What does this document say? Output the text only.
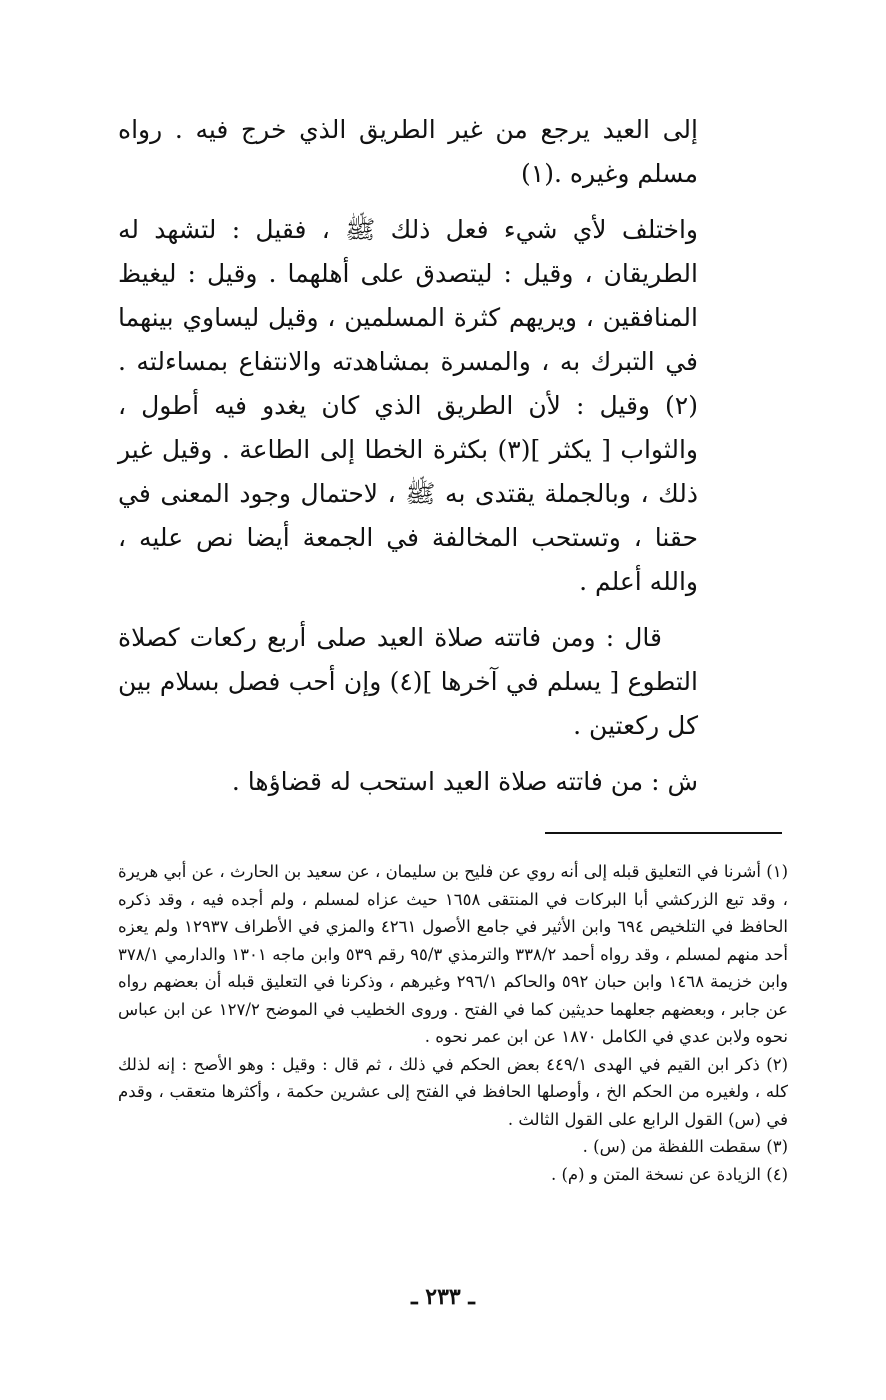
إلى العيد يرجع من غير الطريق الذي خرج فيه . رواه مسلم وغيره .(١)

واختلف لأي شيء فعل ذلك ﷺ ، فقيل : لتشهد له الطريقان ، وقيل : ليتصدق على أهلهما . وقيل : ليغيظ المنافقين ، ويريهم كثرة المسلمين ، وقيل ليساوي بينهما في التبرك به ، والمسرة بمشاهدته والانتفاع بمساءلته .(٢) وقيل : لأن الطريق الذي كان يغدو فيه أطول ، والثواب [ يكثر ](٣) بكثرة الخطا إلى الطاعة . وقيل غير ذلك ، وبالجملة يقتدى به ﷺ ، لاحتمال وجود المعنى في حقنا ، وتستحب المخالفة في الجمعة أيضا نص عليه ، والله أعلم .

قال : ومن فاتته صلاة العيد صلى أربع ركعات كصلاة التطوع [ يسلم في آخرها ](٤) وإن أحب فصل بسلام بين كل ركعتين .

ش : من فاتته صلاة العيد استحب له قضاؤها .

(١) أشرنا في التعليق قبله إلى أنه روي عن فليح بن سليمان ، عن سعيد بن الحارث ، عن أبي هريرة ، وقد تبع الزركشي أبا البركات في المنتقى ١٦٥٨ حيث عزاه لمسلم ، ولم أجده فيه ، وقد ذكره الحافظ في التلخيص ٦٩٤ وابن الأثير في جامع الأصول ٤٢٦١ والمزي في الأطراف ١٢٩٣٧ ولم يعزه أحد منهم لمسلم ، وقد رواه أحمد ٣٣٨/٢ والترمذي ٩٥/٣ رقم ٥٣٩ وابن ماجه ١٣٠١ والدارمي ٣٧٨/١ وابن خزيمة ١٤٦٨ وابن حبان ٥٩٢ والحاكم ٢٩٦/١ وغيرهم ، وذكرنا في التعليق قبله أن بعضهم رواه عن جابر ، وبعضهم جعلهما حديثين كما في الفتح . وروى الخطيب في الموضح ١٢٧/٢ عن ابن عباس نحوه ولابن عدي في الكامل ١٨٧٠ عن ابن عمر نحوه .

(٢) ذكر ابن القيم في الهدى ٤٤٩/١ بعض الحكم في ذلك ، ثم قال : وقيل : وهو الأصح : إنه لذلك كله ، ولغيره من الحكم الخ ، وأوصلها الحافظ في الفتح إلى عشرين حكمة ، وأكثرها متعقب ، وقدم في (س) القول الرابع على القول الثالث .

(٣) سقطت اللفظة من (س) .

(٤) الزيادة عن نسخة المتن و (م) .

ـ ٢٣٣ ـ
